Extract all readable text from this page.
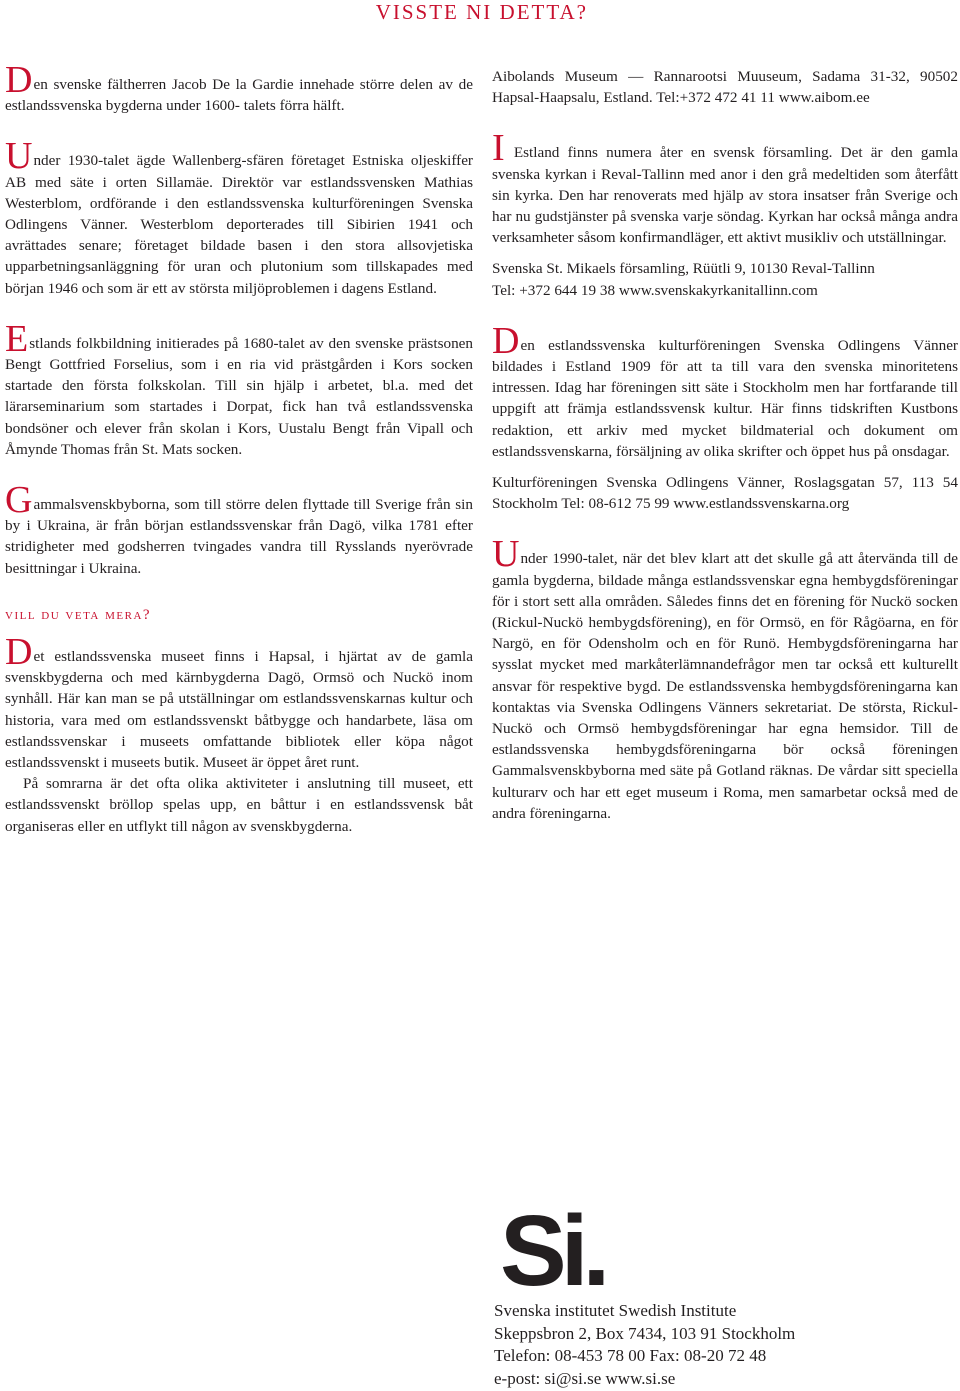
VISSTE NI DETTA?

Den svenske fältherren Jacob De la Gardie innehade större delen av de estlandssvenska bygderna under 1600- talets förra hälft.

Under 1930-talet ägde Wallenberg-sfären företaget Estniska oljeskiffer AB med säte i orten Sillamäe. Direktör var estlandssvensken Mathias Westerblom, ordförande i den estlandssvenska kulturföreningen Svenska Odlingens Vänner. Westerblom deporterades till Sibirien 1941 och avrättades senare; företaget bildade basen i den stora allsovjetiska upparbetningsanläggning för uran och plutonium som tillskapades med början 1946 och som är ett av största miljöproblemen i dagens Estland.

Estlands folkbildning initierades på 1680-talet av den svenske prästsonen Bengt Gottfried Forselius, som i en ria vid prästgården i Kors socken startade den första folkskolan. Till sin hjälp i arbetet, bl.a. med det lärarseminarium som startades i Dorpat, fick han två estlandssvenska bondsöner och elever från skolan i Kors, Uustalu Bengt från Vipall och Åmynde Thomas från St. Mats socken.

Gammalsvenskbyborna, som till större delen flyttade till Sverige från sin by i Ukraina, är från början estlandssvenskar från Dagö, vilka 1781 efter stridigheter med godsherren tvingades vandra till Rysslands nyerövrade besittningar i Ukraina.

vill du veta mera?

Det estlandssvenska museet finns i Hapsal, i hjärtat av de gamla svenskbygderna och med kärnbygderna Dagö, Ormsö och Nuckö inom synhåll. Här kan man se på utställningar om estlandssvenskarnas kultur och historia, vara med om estlandssvenskt båtbygge och handarbete, läsa om estlandssvenskar i museets omfattande bibliotek eller köpa något estlandssvenskt i museets butik. Museet är öppet året runt.

På somrarna är det ofta olika aktiviteter i anslutning till museet, ett estlandssvenskt bröllop spelas upp, en båttur i en estlandssvensk båt organiseras eller en utflykt till någon av svenskbygderna.

Aibolands Museum — Rannarootsi Muuseum, Sadama 31-32, 90502 Hapsal-Haapsalu, Estland. Tel:+372 472 41 11 www.aibom.ee

I Estland finns numera åter en svensk församling. Det är den gamla svenska kyrkan i Reval-Tallinn med anor i den grå medeltiden som återfått sin kyrka. Den har renoverats med hjälp av stora insatser från Sverige och har nu gudstjänster på svenska varje söndag. Kyrkan har också många andra verksamheter såsom konfirmandläger, ett aktivt musikliv och utställningar.

Svenska St. Mikaels församling, Rüütli 9, 10130 Reval-Tallinn
Tel: +372 644 19 38 www.svenskakyrkanitallinn.com

Den estlandssvenska kulturföreningen Svenska Odlingens Vänner bildades i Estland 1909 för att ta till vara den svenska minoritetens intressen. Idag har föreningen sitt säte i Stockholm men har fortfarande till uppgift att främja estlandssvensk kultur. Här finns tidskriften Kustbons redaktion, ett arkiv med mycket bildmaterial och dokument om estlandssvenskarna, försäljning av olika skrifter och öppet hus på onsdagar.

Kulturföreningen Svenska Odlingens Vänner, Roslagsgatan 57, 113 54 Stockholm Tel: 08-612 75 99 www.estlandssvenskarna.org

Under 1990-talet, när det blev klart att det skulle gå att återvända till de gamla bygderna, bildade många estlandssvenskar egna hembygdsföreningar för i stort sett alla områden. Således finns det en förening för Nuckö socken (Rickul-Nuckö hembygdsförening), en för Ormsö, en för Rågöarna, en för Nargö, en för Odensholm och en för Runö. Hembygdsföreningarna har sysslat mycket med markåterlämnandefrågor men tar också ett kulturellt ansvar för respektive bygd. De estlandssvenska hembygdsföreningarna kan kontaktas via Svenska Odlingens Vänners sekretariat. De största, Rickul-Nuckö och Ormsö hembygdsföreningar har egna hemsidor. Till de estlandssvenska hembygdsföreningarna bör också föreningen Gammalsvenskbyborna med säte på Gotland räknas. De vårdar sitt speciella kulturarv och har ett eget museum i Roma, men samarbetar också med de andra föreningarna.

Si.
Svenska institutet Swedish Institute
Skeppsbron 2, Box 7434, 103 91 Stockholm
Telefon: 08-453 78 00 Fax: 08-20 72 48
e-post: si@si.se www.si.se
